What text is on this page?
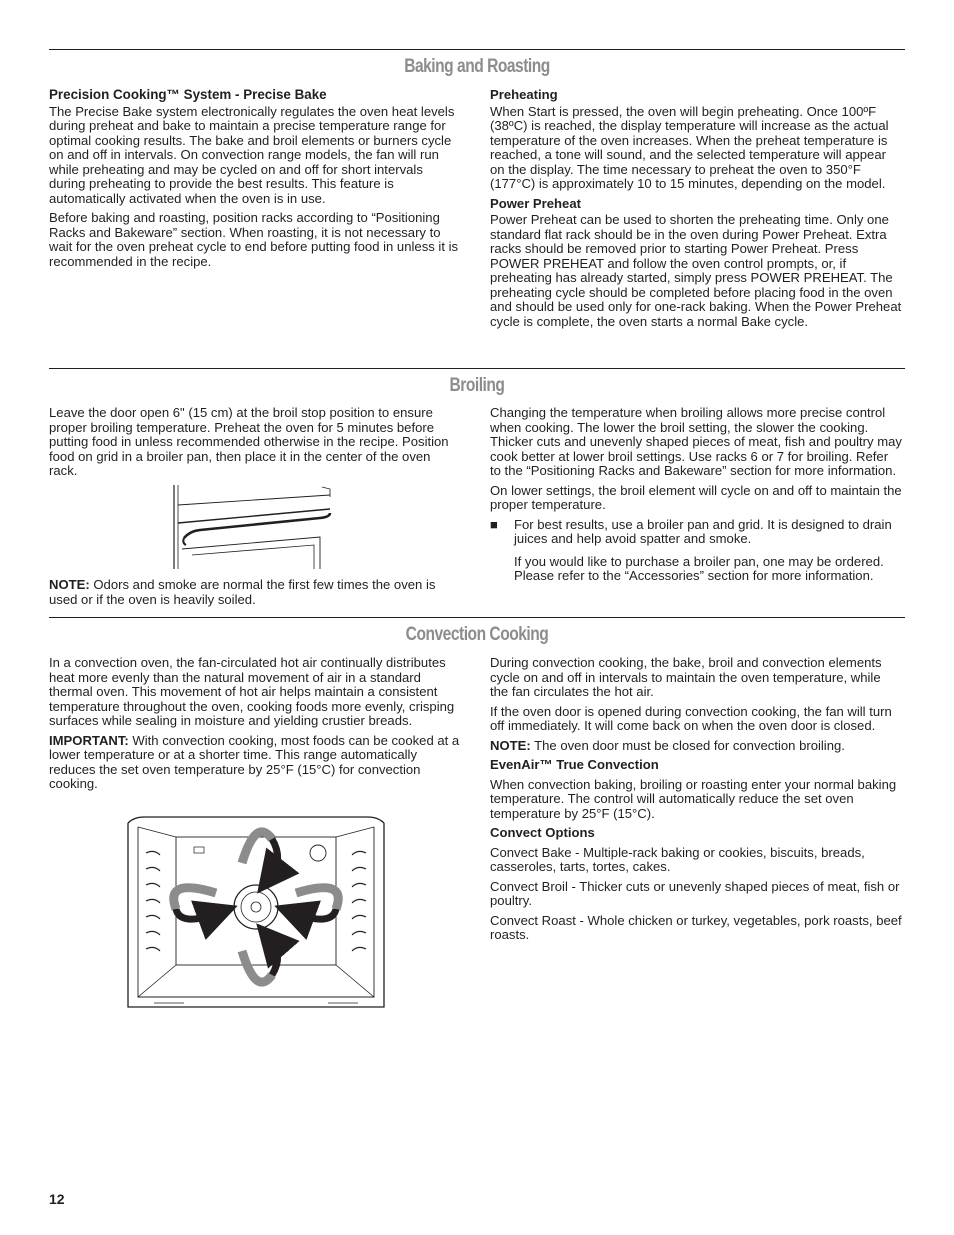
Baking and Roasting

Precision Cooking™ System - Precise Bake

The Precise Bake system electronically regulates the oven heat levels during preheat and bake to maintain a precise temperature range for optimal cooking results. The bake and broil elements or burners cycle on and off in intervals. On convection range models, the fan will run while preheating and may be cycled on and off for short intervals during preheating to provide the best results. This feature is automatically activated when the oven is in use.

Before baking and roasting, position racks according to “Positioning Racks and Bakeware” section. When roasting, it is not necessary to wait for the oven preheat cycle to end before putting food in unless it is recommended in the recipe.

Preheating

When Start is pressed, the oven will begin preheating. Once 100ºF (38ºC) is reached, the display temperature will increase as the actual temperature of the oven increases. When the preheat temperature is reached, a tone will sound, and the selected temperature will appear on the display. The time necessary to preheat the oven to 350°F (177°C) is approximately 10 to 15 minutes, depending on the model.

Power Preheat

Power Preheat can be used to shorten the preheating time. Only one standard flat rack should be in the oven during Power Preheat. Extra racks should be removed prior to starting Power Preheat. Press POWER PREHEAT and follow the oven control prompts, or, if preheating has already started, simply press POWER PREHEAT. The preheating cycle should be completed before placing food in the oven and should be used only for one-rack baking. When the Power Preheat cycle is complete, the oven starts a normal Bake cycle.

Broiling

Leave the door open 6" (15 cm) at the broil stop position to ensure proper broiling temperature. Preheat the oven for 5 minutes before putting food in unless recommended otherwise in the recipe. Position food on grid in a broiler pan, then place it in the center of the oven rack.

NOTE: Odors and smoke are normal the first few times the oven is used or if the oven is heavily soiled.

Changing the temperature when broiling allows more precise control when cooking. The lower the broil setting, the slower the cooking. Thicker cuts and unevenly shaped pieces of meat, fish and poultry may cook better at lower broil settings. Use racks 6 or 7 for broiling. Refer to the “Positioning Racks and Bakeware” section for more information.

On lower settings, the broil element will cycle on and off to maintain the proper temperature.

■ For best results, use a broiler pan and grid. It is designed to drain juices and help avoid spatter and smoke.

If you would like to purchase a broiler pan, one may be ordered. Please refer to the “Accessories” section for more information.

Convection Cooking

In a convection oven, the fan-circulated hot air continually distributes heat more evenly than the natural movement of air in a standard thermal oven. This movement of hot air helps maintain a consistent temperature throughout the oven, cooking foods more evenly, crisping surfaces while sealing in moisture and yielding crustier breads.

IMPORTANT: With convection cooking, most foods can be cooked at a lower temperature or at a shorter time. This range automatically reduces the set oven temperature by 25°F (15°C) for convection cooking.

During convection cooking, the bake, broil and convection elements cycle on and off in intervals to maintain the oven temperature, while the fan circulates the hot air.

If the oven door is opened during convection cooking, the fan will turn off immediately. It will come back on when the oven door is closed.

NOTE: The oven door must be closed for convection broiling.

EvenAir™ True Convection

When convection baking, broiling or roasting enter your normal baking temperature. The control will automatically reduce the set oven temperature by 25°F (15°C).

Convect Options

Convect Bake - Multiple-rack baking or cookies, biscuits, breads, casseroles, tarts, tortes, cakes.

Convect Broil - Thicker cuts or unevenly shaped pieces of meat, fish or poultry.

Convect Roast - Whole chicken or turkey, vegetables, pork roasts, beef roasts.

12
